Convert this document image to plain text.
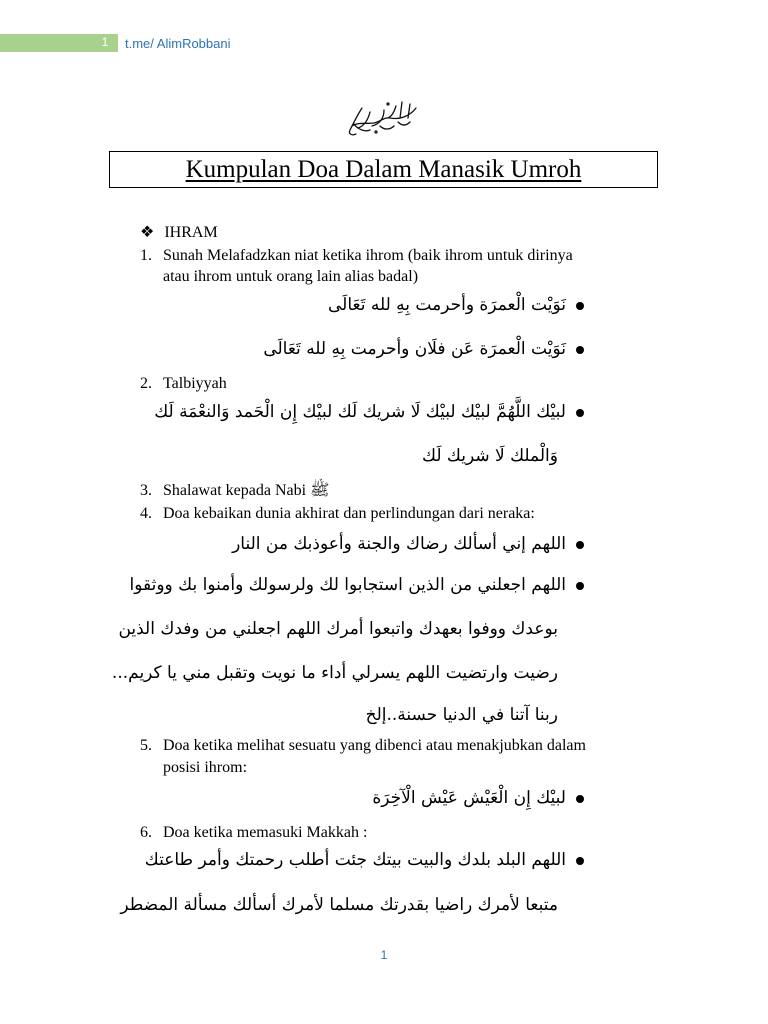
1	t.me/ AlimRobbani
Kumpulan Doa Dalam Manasik Umroh
❖ IHRAM
1. Sunah Melafadzkan niat ketika ihrom (baik ihrom untuk dirinya
atau ihrom untuk orang lain alias badal)
نَوَيْت الْعمرَة وأحرمت بِهِ لله تَعَالَى
نَوَيْت الْعمرَة عَن فلَان وأحرمت بِهِ لله تَعَالَى
2. Talbiyyah
لبيْك اللَّهُمَّ لبيْك لبيْك لَا شريك لَك لبيْك إِن الْحَمد وَالنعْمَة لَك
وَالْملك لَا شريك لَك
3. Shalawat kepada Nabi ﷺ
4. Doa kebaikan dunia akhirat dan perlindungan dari neraka:
اللهم إني أسألك رضاك والجنة وأعوذبك من النار
اللهم اجعلني من الذين استجابوا لك ولرسولك وأمنوا بك ووثقوا
بوعدك ووفوا بعهدك واتبعوا أمرك اللهم اجعلني من وفدك الذين
رضيت وارتضيت اللهم يسرلي أداء ما نويت وتقبل مني يا كريم...
ربنا آتنا في الدنيا حسنة..إلخ
5. Doa ketika melihat sesuatu yang dibenci atau menakjubkan dalam
posisi ihrom:
لبيْك إِن الْعَيْش عَيْش الْآخِرَة
6. Doa ketika memasuki Makkah :
اللهم البلد بلدك والبيت بيتك جئت أطلب رحمتك وأمر طاعتك
متبعا لأمرك راضيا بقدرتك مسلما لأمرك أسألك مسألة المضطر
1
